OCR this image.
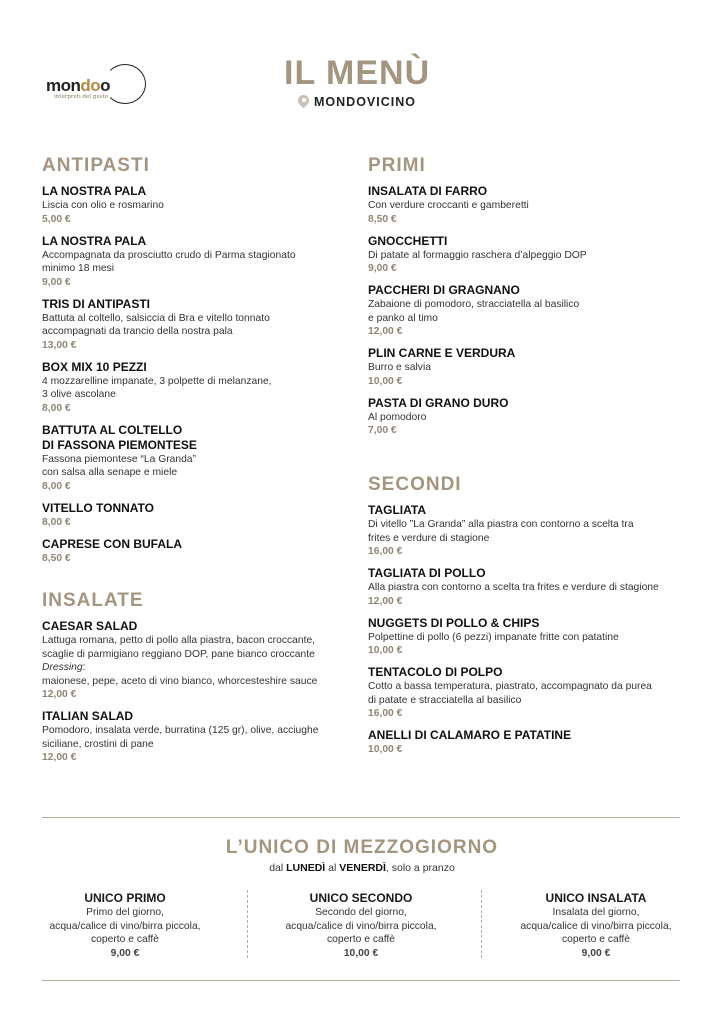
mondoo
interpreti del gusto
IL MENÙ
MONDOVICINO
ANTIPASTI
LA NOSTRA PALA
Liscia con olio e rosmarino
5,00 €
LA NOSTRA PALA
Accompagnata da prosciutto crudo di Parma stagionato
minimo 18 mesi
9,00 €
TRIS DI ANTIPASTI
Battuta al coltello, salsiccia di Bra e vitello tonnato
accompagnati da trancio della nostra pala
13,00 €
BOX MIX 10 PEZZI
4 mozzarelline impanate, 3 polpette di melanzane,
3 olive ascolane
8,00 €
BATTUTA AL COLTELLO
DI FASSONA PIEMONTESE
Fassona piemontese “La Granda”
con salsa alla senape e miele
8,00 €
VITELLO TONNATO
8,00 €
CAPRESE CON BUFALA
8,50 €
INSALATE
CAESAR SALAD
Lattuga romana, petto di pollo alla piastra, bacon croccante,
scaglie di parmigiano reggiano DOP, pane bianco croccante
Dressing:
maionese, pepe, aceto di vino bianco, whorcesteshire sauce
12,00 €
ITALIAN SALAD
Pomodoro, insalata verde, burratina (125 gr), olive, acciughe
siciliane, crostini di pane
12,00 €
PRIMI
INSALATA DI FARRO
Con verdure croccanti e gamberetti
8,50 €
GNOCCHETTI
Di patate al formaggio raschera d’alpeggio DOP
9,00 €
PACCHERI DI GRAGNANO
Zabaione di pomodoro, stracciatella al basilico
e panko al timo
12,00 €
PLIN CARNE E VERDURA
Burro e salvia
10,00 €
PASTA DI GRANO DURO
Al pomodoro
7,00 €
SECONDI
TAGLIATA
Di vitello ”La Granda” alla piastra con contorno a scelta tra
frites e verdure di stagione
16,00 €
TAGLIATA DI POLLO
Alla piastra con contorno a scelta tra frites e verdure di stagione
12,00 €
NUGGETS DI POLLO & CHIPS
Polpettine di pollo (6 pezzi) impanate fritte con patatine
10,00 €
TENTACOLO DI POLPO
Cotto a bassa temperatura, piastrato, accompagnato da purea
di patate e stracciatella al basilico
16,00 €
ANELLI DI CALAMARO E PATATINE
10,00 €
L’UNICO DI MEZZOGIORNO
dal LUNEDÌ al VENERDÌ, solo a pranzo
UNICO PRIMO
Primo del giorno,
acqua/calice di vino/birra piccola,
coperto e caffè
9,00 €
UNICO SECONDO
Secondo del giorno,
acqua/calice di vino/birra piccola,
coperto e caffè
10,00 €
UNICO INSALATA
Insalata del giorno,
acqua/calice di vino/birra piccola,
coperto e caffè
9,00 €
